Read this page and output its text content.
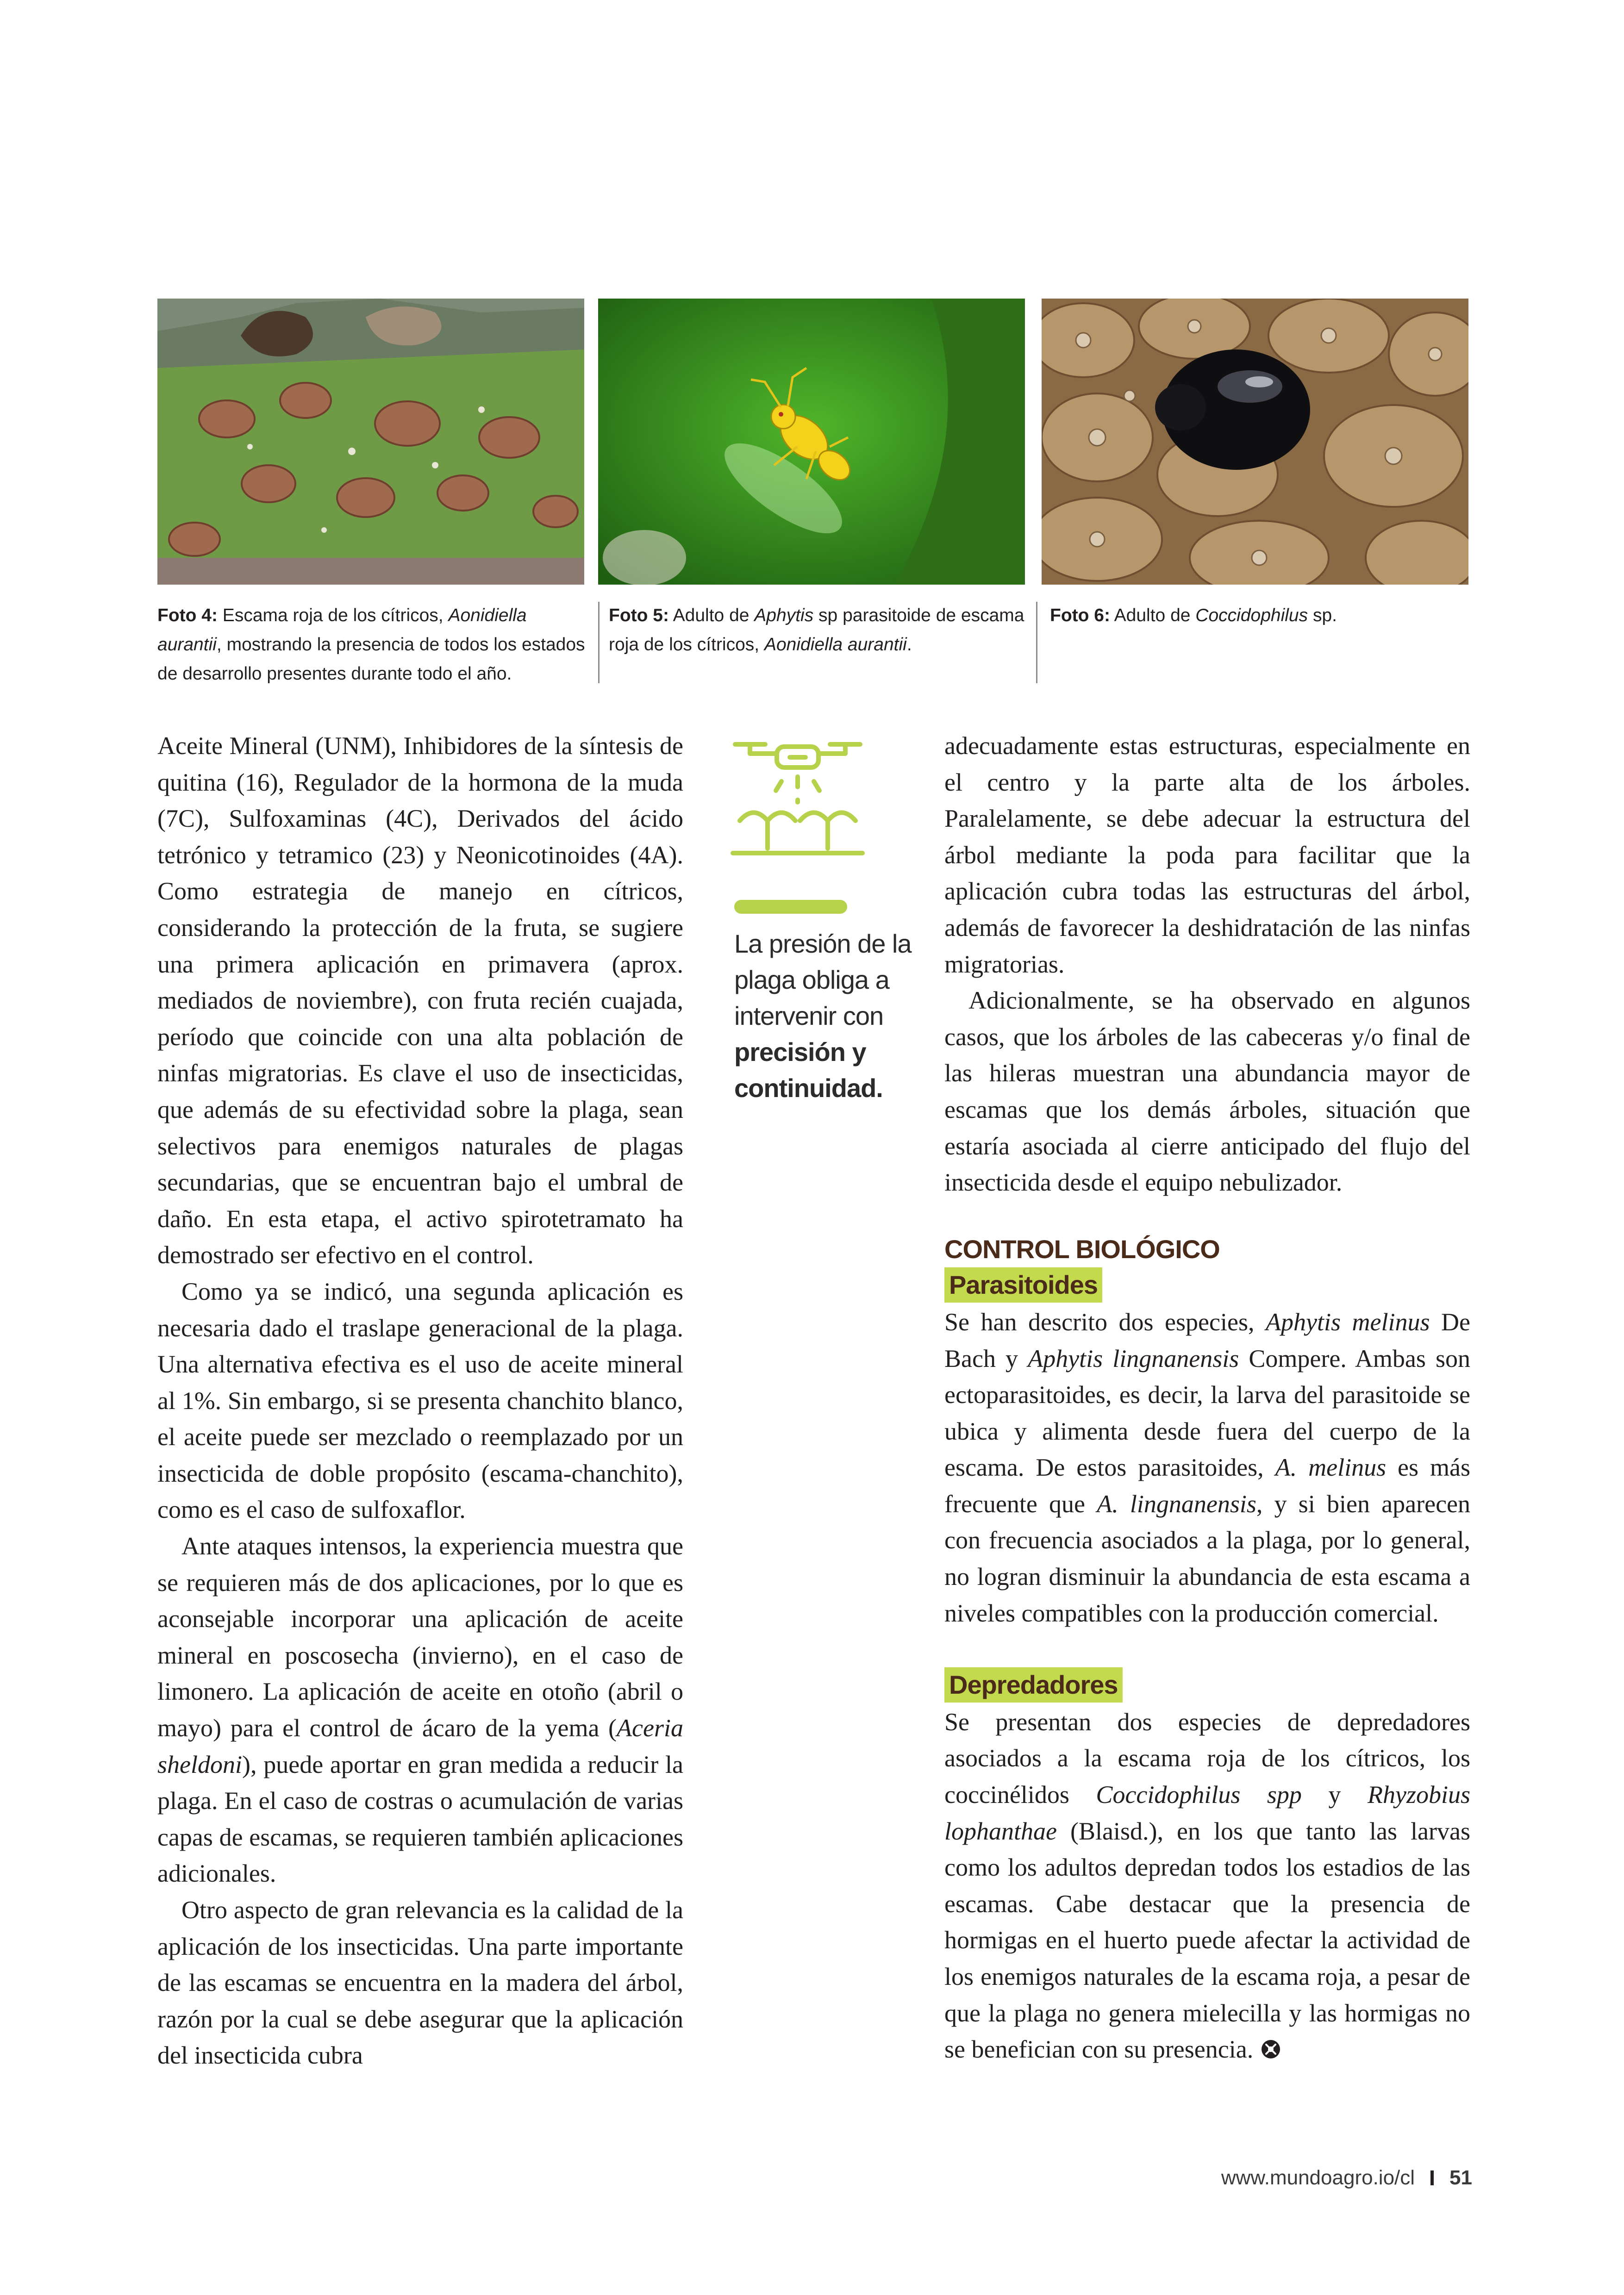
Foto 4: Escama roja de los cítricos, Aonidiella aurantii, mostrando la presencia de todos los estados de desarrollo presentes durante todo el año.
Foto 5: Adulto de Aphytis sp parasitoide de escama roja de los cítricos, Aonidiella aurantii.
Foto 6: Adulto de Coccidophilus sp.

Aceite Mineral (UNM), Inhibidores de la síntesis de quitina (16), Regulador de la hormona de la muda (7C), Sulfoxaminas (4C), Derivados del ácido tetrónico y tetramico (23) y Neonicotinoides (4A). Como estrategia de manejo en cítricos, considerando la protección de la fruta, se sugiere una primera aplicación en primavera (aprox. mediados de noviembre), con fruta recién cuajada, período que coincide con una alta población de ninfas migratorias. Es clave el uso de insecticidas, que además de su efectividad sobre la plaga, sean selectivos para enemigos naturales de plagas secundarias, que se encuentran bajo el umbral de daño. En esta etapa, el activo spirotetramato ha demostrado ser efectivo en el control.

Como ya se indicó, una segunda aplicación es necesaria dado el traslape generacional de la plaga. Una alternativa efectiva es el uso de aceite mineral al 1%. Sin embargo, si se presenta chanchito blanco, el aceite puede ser mezclado o reemplazado por un insecticida de doble propósito (escama-chanchito), como es el caso de sulfoxaflor.

Ante ataques intensos, la experiencia muestra que se requieren más de dos aplicaciones, por lo que es aconsejable incorporar una aplicación de aceite mineral en poscosecha (invierno), en el caso de limonero. La aplicación de aceite en otoño (abril o mayo) para el control de ácaro de la yema (Aceria sheldoni), puede aportar en gran medida a reducir la plaga. En el caso de costras o acumulación de varias capas de escamas, se requieren también aplicaciones adicionales.

Otro aspecto de gran relevancia es la calidad de la aplicación de los insecticidas. Una parte importante de las escamas se encuentra en la madera del árbol, razón por la cual se debe asegurar que la aplicación del insecticida cubra

La presión de la plaga obliga a intervenir con precisión y continuidad.

adecuadamente estas estructuras, especialmente en el centro y la parte alta de los árboles. Paralelamente, se debe adecuar la estructura del árbol mediante la poda para facilitar que la aplicación cubra todas las estructuras del árbol, además de favorecer la deshidratación de las ninfas migratorias.

Adicionalmente, se ha observado en algunos casos, que los árboles de las cabeceras y/o final de las hileras muestran una abundancia mayor de escamas que los demás árboles, situación que estaría asociada al cierre anticipado del flujo del insecticida desde el equipo nebulizador.

CONTROL BIOLÓGICO
Parasitoides

Se han descrito dos especies, Aphytis melinus De Bach y Aphytis lingnanensis Compere. Ambas son ectoparasitoides, es decir, la larva del parasitoide se ubica y alimenta desde fuera del cuerpo de la escama. De estos parasitoides, A. melinus es más frecuente que A. lingnanensis, y si bien aparecen con frecuencia asociados a la plaga, por lo general, no logran disminuir la abundancia de esta escama a niveles compatibles con la producción comercial.

Depredadores

Se presentan dos especies de depredadores asociados a la escama roja de los cítricos, los coccinélidos Coccidophilus spp y Rhyzobius lophanthae (Blaisd.), en los que tanto las larvas como los adultos depredan todos los estadios de las escamas. Cabe destacar que la presencia de hormigas en el huerto puede afectar la actividad de los enemigos naturales de la escama roja, a pesar de que la plaga no genera mielecilla y las hormigas no se benefician con su presencia.

www.mundoagro.io/cl 51
